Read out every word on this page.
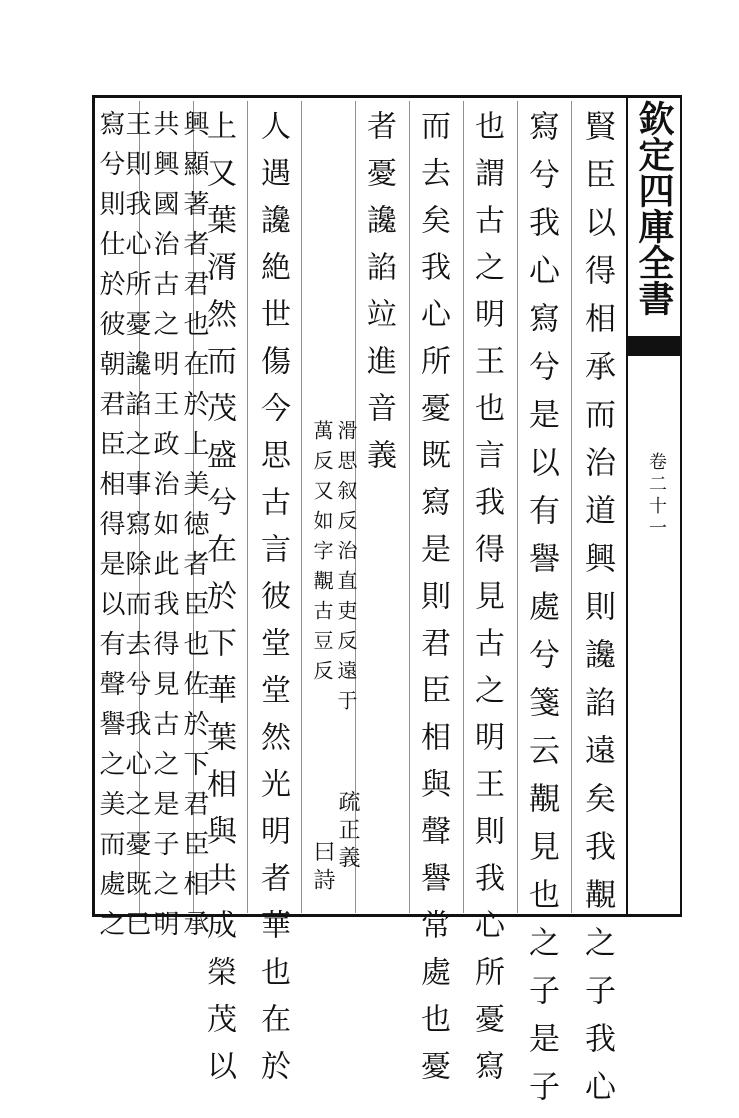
欽定四庫全書
卷二十一
賢臣以得相承而治道興則讒諂遠矣我覯之子我心
寫兮我心寫兮是以有譽處兮箋云覯見也之子是子
也謂古之明王也言我得見古之明王則我心所憂寫
而去矣我心所憂既寫是則君臣相與聲譽常處也憂
者憂讒諂竝進音義
滑思叙反治直吏反遠于
萬反又如字覯古豆反
疏正義
曰詩
人遇讒絶世傷今思古言彼堂堂然光明者華也在於
上又葉湑然而茂盛兮在於下華葉相與共成榮茂以
興顯著者君也在於上美徳者臣也佐於下君臣相承
共興國治古之明王政治如此我得見古之是子之明
王則我心所憂讒諂之事寫除而去兮我心之憂既已
寫兮則仕於彼朝君臣相得是以有聲譽之美而處之
